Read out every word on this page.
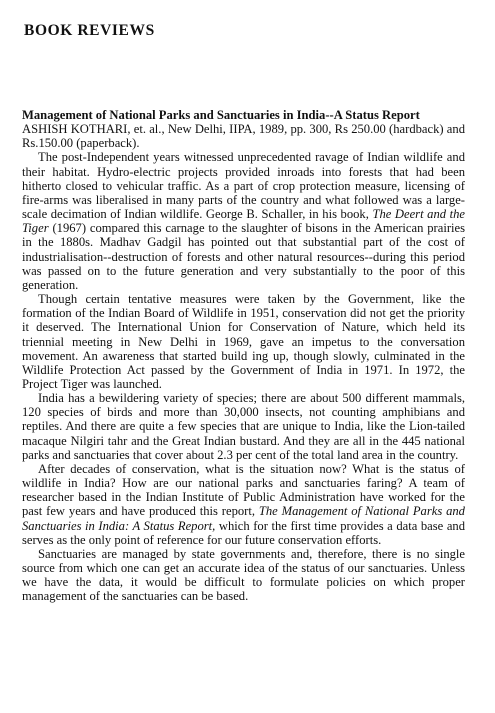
BOOK REVIEWS
Management of National Parks and Sanctuaries in India--A Status Report
ASHISH KOTHARI, et. al., New Delhi, IIPA, 1989, pp. 300, Rs 250.00 (hardback) and Rs.150.00 (paperback).

The post-Independent years witnessed unprecedented ravage of Indian wildlife and their habitat. Hydro-electric projects provided inroads into forests that had been hitherto closed to vehicular traffic. As a part of crop protection measure, licensing of fire-arms was liberalised in many parts of the country and what followed was a large-scale decimation of Indian wildlife. George B. Schaller, in his book, The Deert and the Tiger (1967) compared this carnage to the slaughter of bisons in the American prairies in the 1880s. Madhav Gadgil has pointed out that substantial part of the cost of industrialisation--destruction of forests and other natural resources--during this period was passed on to the future generation and very substantially to the poor of this generation.

Though certain tentative measures were taken by the Government, like the formation of the Indian Board of Wildlife in 1951, conservation did not get the priority it deserved. The International Union for Conservation of Nature, which held its triennial meeting in New Delhi in 1969, gave an impetus to the conversation movement. An awareness that started build ing up, though slowly, culminated in the Wildlife Protection Act passed by the Government of India in 1971. In 1972, the Project Tiger was launched.

India has a bewildering variety of species; there are about 500 different mammals, 120 species of birds and more than 30,000 insects, not counting amphibians and reptiles. And there are quite a few species that are unique to India, like the Lion-tailed macaque Nilgiri tahr and the Great Indian bustard. And they are all in the 445 national parks and sanctuaries that cover about 2.3 per cent of the total land area in the country.

After decades of conservation, what is the situation now? What is the status of wildlife in India? How are our national parks and sanctuaries faring? A team of researcher based in the Indian Institute of Public Administration have worked for the past few years and have produced this report, The Management of National Parks and Sanctuaries in India: A Status Report, which for the first time provides a data base and serves as the only point of reference for our future conservation efforts.

Sanctuaries are managed by state governments and, therefore, there is no single source from which one can get an accurate idea of the status of our sanctuaries. Unless we have the data, it would be difficult to formulate policies on which proper management of the sanctuaries can be based.
